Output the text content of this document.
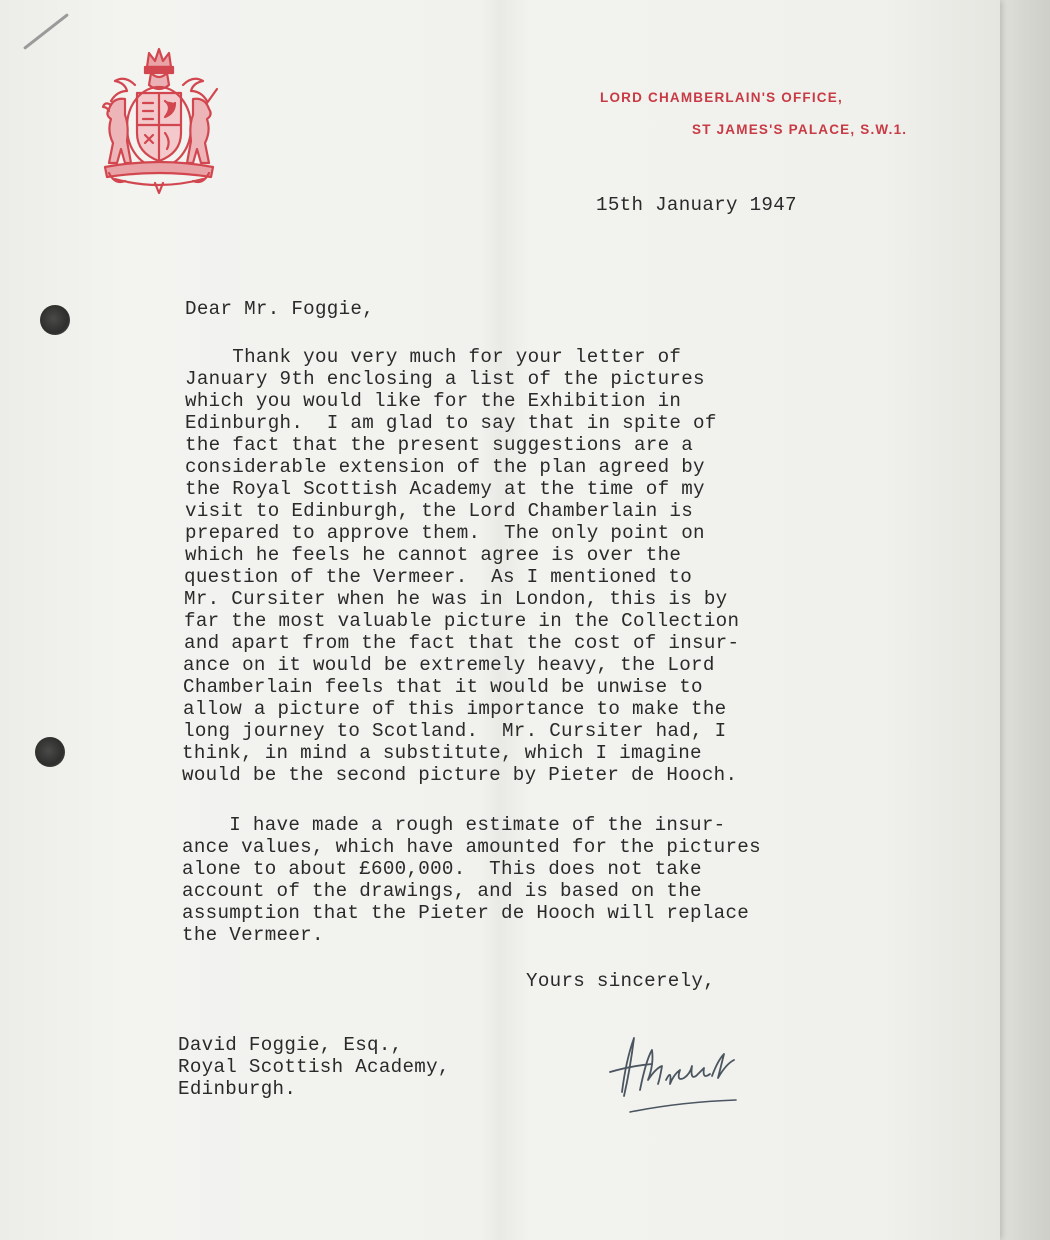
LORD CHAMBERLAIN'S OFFICE,
ST JAMES'S PALACE, S.W.1.
15th January 1947
Dear Mr. Foggie,
Thank you very much for your letter of
January 9th enclosing a list of the pictures
which you would like for the Exhibition in
Edinburgh.  I am glad to say that in spite of
the fact that the present suggestions are a
considerable extension of the plan agreed by
the Royal Scottish Academy at the time of my
visit to Edinburgh, the Lord Chamberlain is
prepared to approve them.  The only point on
which he feels he cannot agree is over the
question of the Vermeer.  As I mentioned to
Mr. Cursiter when he was in London, this is by
far the most valuable picture in the Collection
and apart from the fact that the cost of insur-
ance on it would be extremely heavy, the Lord
Chamberlain feels that it would be unwise to
allow a picture of this importance to make the
long journey to Scotland.  Mr. Cursiter had, I
think, in mind a substitute, which I imagine
would be the second picture by Pieter de Hooch.
I have made a rough estimate of the insur-
ance values, which have amounted for the pictures
alone to about £600,000.  This does not take
account of the drawings, and is based on the
assumption that the Pieter de Hooch will replace
the Vermeer.
Yours sincerely,
David Foggie, Esq.,
Royal Scottish Academy,
Edinburgh.
